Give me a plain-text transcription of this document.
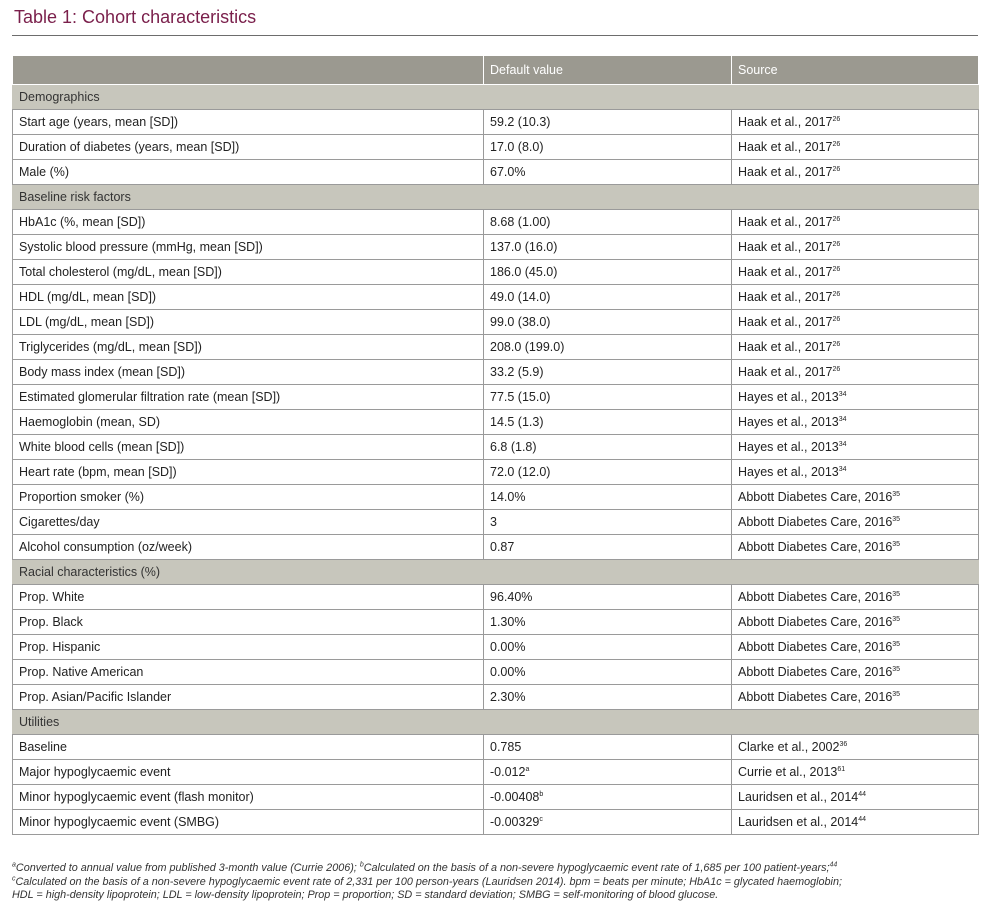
Table 1: Cohort characteristics
	Default value	Source
Demographics		
Start age (years, mean [SD])	59.2 (10.3)	Haak et al., 2017$^{26}$
Duration of diabetes (years, mean [SD])	17.0 (8.0)	Haak et al., 2017$^{26}$
Male (%)	67.0%	Haak et al., 2017$^{26}$
Baseline risk factors		
HbA1c (%, mean [SD])	8.68 (1.00)	Haak et al., 2017$^{26}$
Systolic blood pressure (mmHg, mean [SD])	137.0 (16.0)	Haak et al., 2017$^{26}$
Total cholesterol (mg/dL, mean [SD])	186.0 (45.0)	Haak et al., 2017$^{26}$
HDL (mg/dL, mean [SD])	49.0 (14.0)	Haak et al., 2017$^{26}$
LDL (mg/dL, mean [SD])	99.0 (38.0)	Haak et al., 2017$^{26}$
Triglycerides (mg/dL, mean [SD])	208.0 (199.0)	Haak et al., 2017$^{26}$
Body mass index (mean [SD])	33.2 (5.9)	Haak et al., 2017$^{26}$
Estimated glomerular filtration rate (mean [SD])	77.5 (15.0)	Hayes et al., 2013$^{34}$
Haemoglobin (mean, SD)	14.5 (1.3)	Hayes et al., 2013$^{34}$
White blood cells (mean [SD])	6.8 (1.8)	Hayes et al., 2013$^{34}$
Heart rate (bpm, mean [SD])	72.0 (12.0)	Hayes et al., 2013$^{34}$
Proportion smoker (%)	14.0%	Abbott Diabetes Care, 2016$^{35}$
Cigarettes/day	3	Abbott Diabetes Care, 2016$^{35}$
Alcohol consumption (oz/week)	0.87	Abbott Diabetes Care, 2016$^{35}$
Racial characteristics (%)		
Prop. White	96.40%	Abbott Diabetes Care, 2016$^{35}$
Prop. Black	1.30%	Abbott Diabetes Care, 2016$^{35}$
Prop. Hispanic	0.00%	Abbott Diabetes Care, 2016$^{35}$
Prop. Native American	0.00%	Abbott Diabetes Care, 2016$^{35}$
Prop. Asian/Pacific Islander	2.30%	Abbott Diabetes Care, 2016$^{35}$
Utilities		
Baseline	0.785	Clarke et al., 2002$^{36}$
Major hypoglycaemic event	-0.012$^a$	Currie et al., 2013$^{61}$
Minor hypoglycaemic event (flash monitor)	-0.00408$^b$	Lauridsen et al., 2014$^{44}$
Minor hypoglycaemic event (SMBG)	-0.00329$^c$	Lauridsen et al., 2014$^{44}$
$^a$Converted to annual value from published 3-month value (Currie 2006); $^b$Calculated on the basis of a non-severe hypoglycaemic event rate of 1,685 per 100 patient-years;$^{44}$
$^c$Calculated on the basis of a non-severe hypoglycaemic event rate of 2,331 per 100 person-years (Lauridsen 2014). bpm = beats per minute; HbA1c = glycated haemoglobin;
HDL = high-density lipoprotein; LDL = low-density lipoprotein; Prop = proportion; SD = standard deviation; SMBG = self-monitoring of blood glucose.
